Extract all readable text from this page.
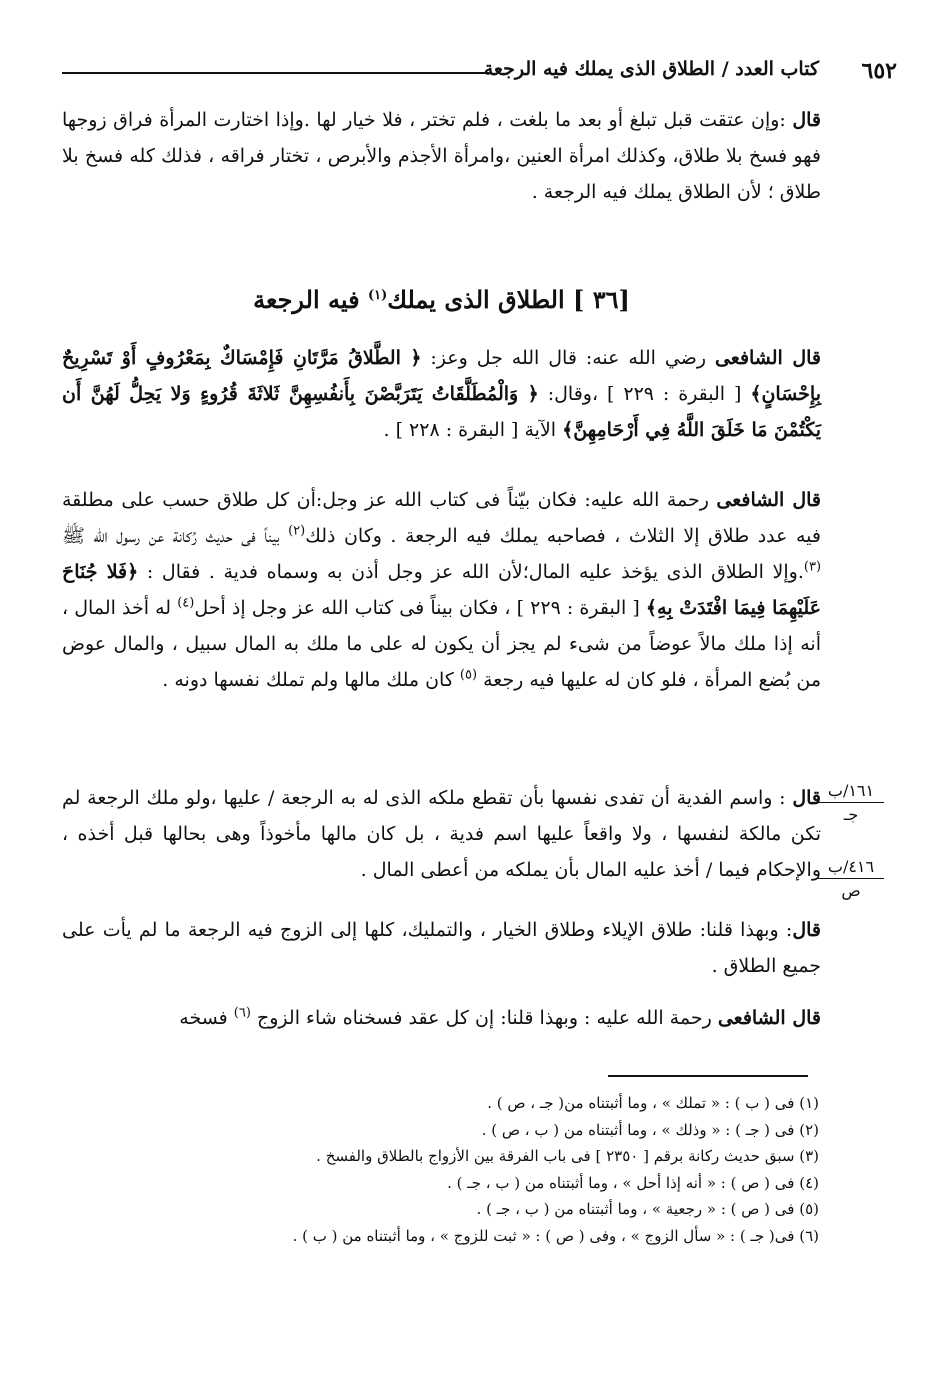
٦٥٢
كتاب العدد / الطلاق الذى يملك فيه الرجعة

قال :وإن عتقت قبل تبلغ أو بعد ما بلغت ، فلم تختر ، فلا خيار لها .وإذا اختارت المرأة فراق زوجها فهو فسخ بلا طلاق، وكذلك امرأة العنين ،وامرأة الأجذم والأبرص ، تختار فراقه ، فذلك كله فسخ بلا طلاق ؛ لأن الطلاق يملك فيه الرجعة .

[٣٦ ] الطلاق الذى يملك$^{(١)}$ فيه الرجعة

قال الشافعى رضي الله عنه: قال الله جل وعز: ﴿ الطَّلاقُ مَرَّتَانِ فَإِمْسَاكٌ بِمَعْرُوفٍ أَوْ تَسْرِيحٌ بِإِحْسَانٍ﴾ [ البقرة : ٢٢٩ ] ،وقال: ﴿ وَالْمُطَلَّقَاتُ يَتَرَبَّصْنَ بِأَنفُسِهِنَّ ثَلاثَةَ قُرُوءٍ وَلا يَحِلُّ لَهُنَّ أَن يَكْتُمْنَ مَا خَلَقَ اللَّهُ فِي أَرْحَامِهِنَّ﴾ الآية [ البقرة : ٢٢٨ ] .

قال الشافعى رحمة الله عليه: فكان بيّناً فى كتاب الله عز وجل:أن كل طلاق حسب على مطلقة فيه عدد طلاق إلا الثلاث ، فصاحبه يملك فيه الرجعة . وكان ذلك$^{(٢)}$ بيناً فى حديث رُكانة عن رسول الله ﷺ $^{(٣)}$.وإلا الطلاق الذى يؤخذ عليه المال؛لأن الله عز وجل أذن به وسماه فدية . فقال : ﴿فَلا جُنَاحَ عَلَيْهِمَا فِيمَا افْتَدَتْ بِهِ﴾ [ البقرة : ٢٢٩ ] ، فكان بيناً فى كتاب الله عز وجل إذ أحل$^{(٤)}$ له أخذ المال ، أنه إذا ملك مالاً عوضاً من شىء لم يجز أن يكون له على ما ملك به المال سبيل ، والمال عوض من بُضع المرأة ، فلو كان له عليها فيه رجعة $^{(٥)}$ كان ملك مالها ولم تملك نفسها دونه .

قال : واسم الفدية أن تفدى نفسها بأن تقطع ملكه الذى له به الرجعة / عليها ،ولو ملك الرجعة لم تكن مالكة لنفسها ، ولا واقعاً عليها اسم فدية ، بل كان مالها مأخوذاً وهى بحالها قبل أخذه ، والإحكام فيما / أخذ عليه المال بأن يملكه من أعطى المال .

١٦١/ب
جـ
٤١٦/ب
ص

قال: وبهذا قلنا: طلاق الإيلاء وطلاق الخيار ، والتمليك، كلها إلى الزوج فيه الرجعة ما لم يأت على جميع الطلاق .

قال الشافعى رحمة الله عليه : وبهذا قلنا: إن كل عقد فسخناه شاء الزوج $^{(٦)}$ فسخه

(١) فى ( ب ) : « تملك » ، وما أثبتناه من( جـ ، ص ) .
(٢) فى ( جـ ) : « وذلك » ، وما أثبتناه من ( ب ، ص ) .
(٣) سبق حديث ركانة برقم [ ٢٣٥٠ ] فى باب الفرقة بين الأزواج بالطلاق والفسخ .
(٤) فى ( ص ) : « أنه إذا أحل » ، وما أثبتناه من ( ب ، جـ ) .
(٥) فى ( ص ) : « رجعية » ، وما أثبتناه من ( ب ، جـ ) .
(٦) فى( جـ ) : « سأل الزوج » ، وفى ( ص ) : « ثبت للزوج » ، وما أثبتناه من ( ب ) .
